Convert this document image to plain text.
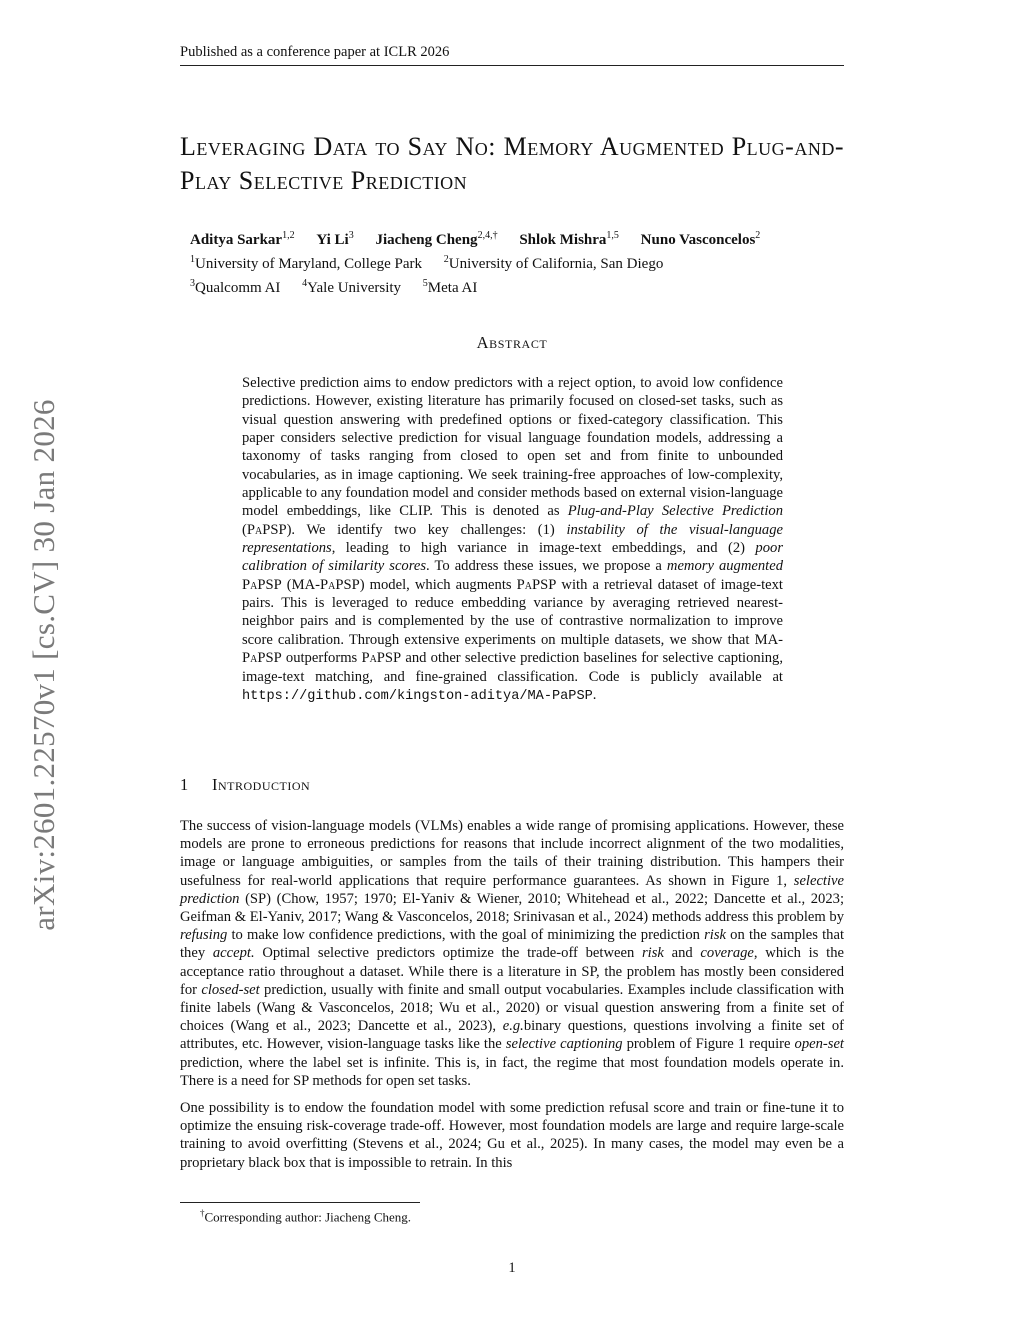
Published as a conference paper at ICLR 2026
arXiv:2601.22570v1 [cs.CV] 30 Jan 2026
Leveraging Data to Say No: Memory Augmented Plug-and-Play Selective Prediction
Aditya Sarkar$^{1,2}$ Yi Li$^3$ Jiacheng Cheng$^{2,4,\dagger}$ Shlok Mishra$^{1,5}$ Nuno Vasconcelos$^2$
$^1$University of Maryland, College Park $^2$University of California, San Diego
$^3$Qualcomm AI $^4$Yale University $^5$Meta AI
Abstract
Selective prediction aims to endow predictors with a reject option, to avoid low confidence predictions. However, existing literature has primarily focused on closed-set tasks, such as visual question answering with predefined options or fixed-category classification. This paper considers selective prediction for visual language foundation models, addressing a taxonomy of tasks ranging from closed to open set and from finite to unbounded vocabularies, as in image captioning. We seek training-free approaches of low-complexity, applicable to any foundation model and consider methods based on external vision-language model embeddings, like CLIP. This is denoted as Plug-and-Play Selective Prediction (PaPSP). We identify two key challenges: (1) instability of the visual-language representations, leading to high variance in image-text embeddings, and (2) poor calibration of similarity scores. To address these issues, we propose a memory augmented PaPSP (MA-PaPSP) model, which augments PaPSP with a retrieval dataset of image-text pairs. This is leveraged to reduce embedding variance by averaging retrieved nearest-neighbor pairs and is complemented by the use of contrastive normalization to improve score calibration. Through extensive experiments on multiple datasets, we show that MA-PaPSP outperforms PaPSP and other selective prediction baselines for selective captioning, image-text matching, and fine-grained classification. Code is publicly available at https://github.com/kingston-aditya/MA-PaPSP.
1 Introduction

The success of vision-language models (VLMs) enables a wide range of promising applications. However, these models are prone to erroneous predictions for reasons that include incorrect alignment of the two modalities, image or language ambiguities, or samples from the tails of their training distribution. This hampers their usefulness for real-world applications that require performance guarantees. As shown in Figure 1, selective prediction (SP) (Chow, 1957; 1970; El-Yaniv & Wiener, 2010; Whitehead et al., 2022; Dancette et al., 2023; Geifman & El-Yaniv, 2017; Wang & Vasconcelos, 2018; Srinivasan et al., 2024) methods address this problem by refusing to make low confidence predictions, with the goal of minimizing the prediction risk on the samples that they accept. Optimal selective predictors optimize the trade-off between risk and coverage, which is the acceptance ratio throughout a dataset. While there is a literature in SP, the problem has mostly been considered for closed-set prediction, usually with finite and small output vocabularies. Examples include classification with finite labels (Wang & Vasconcelos, 2018; Wu et al., 2020) or visual question answering from a finite set of choices (Wang et al., 2023; Dancette et al., 2023), e.g.binary questions, questions involving a finite set of attributes, etc. However, vision-language tasks like the selective captioning problem of Figure 1 require open-set prediction, where the label set is infinite. This is, in fact, the regime that most foundation models operate in. There is a need for SP methods for open set tasks.

One possibility is to endow the foundation model with some prediction refusal score and train or fine-tune it to optimize the ensuing risk-coverage trade-off. However, most foundation models are large and require large-scale training to avoid overfitting (Stevens et al., 2024; Gu et al., 2025). In many cases, the model may even be a proprietary black box that is impossible to retrain. In this

†Corresponding author: Jiacheng Cheng.
1
